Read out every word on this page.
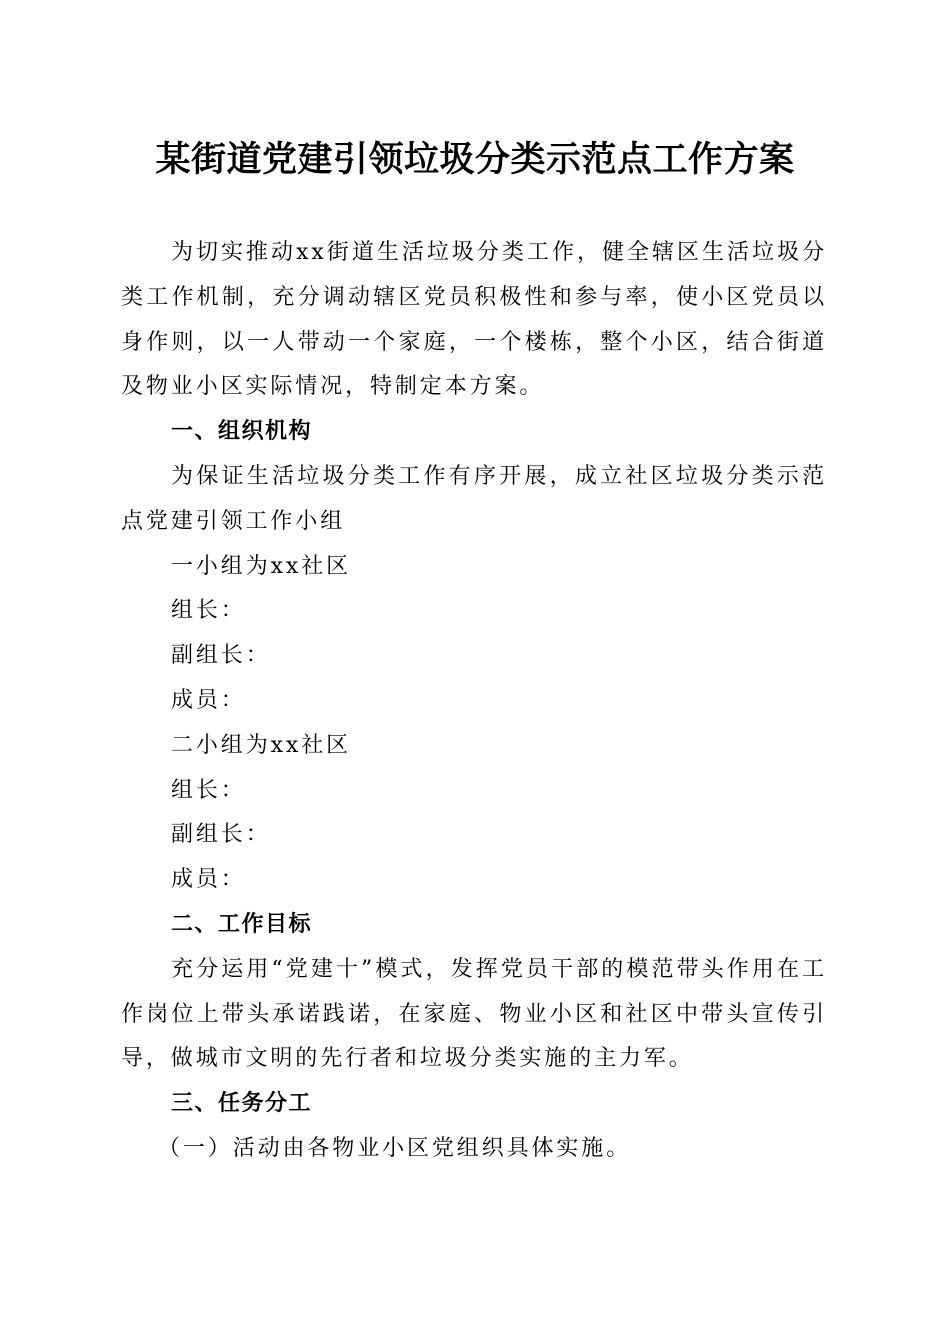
某街道党建引领垃圾分类示范点工作方案

为切实推动xx街道生活垃圾分类工作，健全辖区生活垃圾分类工作机制，充分调动辖区党员积极性和参与率，使小区党员以身作则，以一人带动一个家庭，一个楼栋，整个小区，结合街道及物业小区实际情况，特制定本方案。

一、组织机构

为保证生活垃圾分类工作有序开展，成立社区垃圾分类示范点党建引领工作小组

一小组为xx社区

组长：

副组长：

成员：

二小组为xx社区

组长：

副组长：

成员：

二、工作目标

充分运用“党建十”模式，发挥党员干部的模范带头作用在工作岗位上带头承诺践诺，在家庭、物业小区和社区中带头宣传引导，做城市文明的先行者和垃圾分类实施的主力军。

三、任务分工

（一）活动由各物业小区党组织具体实施。
